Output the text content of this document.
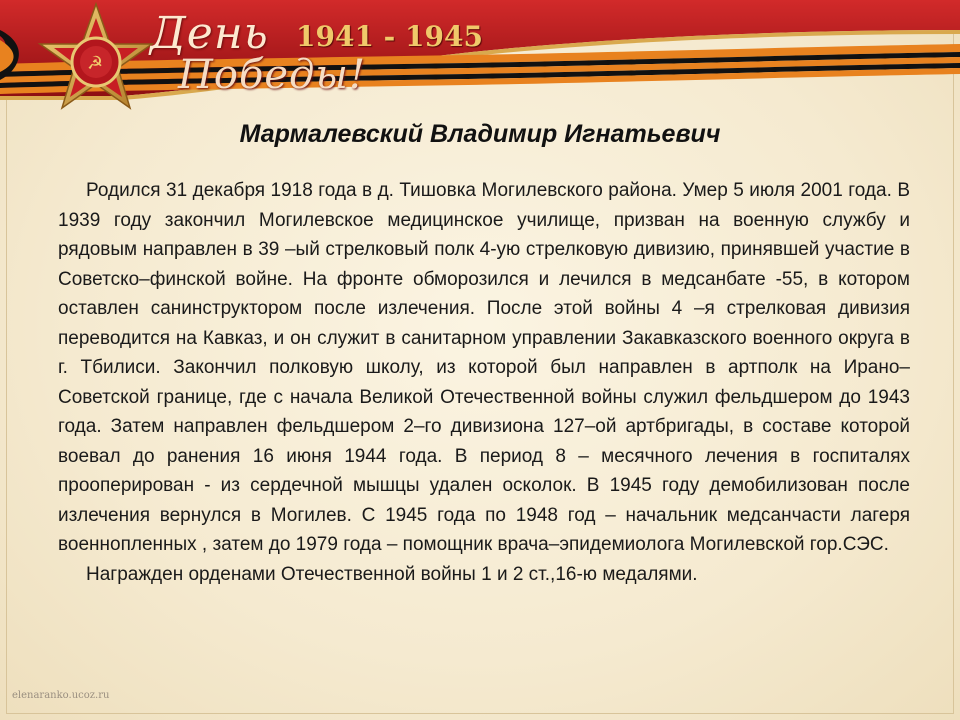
☭
День 1941 - 1945
Победы!
Мармалевский Владимир Игнатьевич

Родился 31 декабря 1918 года в д. Тишовка Могилевского района. Умер 5 июля 2001 года. В 1939 году закончил Могилевское медицинское училище, призван на военную службу и рядовым направлен в 39 –ый стрелковый полк 4-ую стрелковую дивизию, принявшей участие в Советско–финской войне. На фронте обморозился и лечился в медсанбате -55, в котором оставлен санинструктором после излечения. После этой войны 4 –я стрелковая дивизия переводится на Кавказ, и он служит в санитарном управлении Закавказского военного округа в г. Тбилиси. Закончил полковую школу, из которой был направлен в артполк на Ирано–Советской границе, где с начала Великой Отечественной войны служил фельдшером до 1943 года. Затем направлен фельдшером 2–го дивизиона 127–ой артбригады, в составе которой воевал до ранения 16 июня 1944 года. В период 8 – месячного лечения в госпиталях прооперирован - из сердечной мышцы удален осколок. В 1945 году демобилизован после излечения вернулся в Могилев. С 1945 года по 1948 год – начальник медсанчасти лагеря военнопленных , затем до 1979 года – помощник врача–эпидемиолога Могилевской гор.СЭС.

Награжден орденами Отечественной войны 1 и 2 ст.,16-ю медалями.

elenaranko.ucoz.ru
